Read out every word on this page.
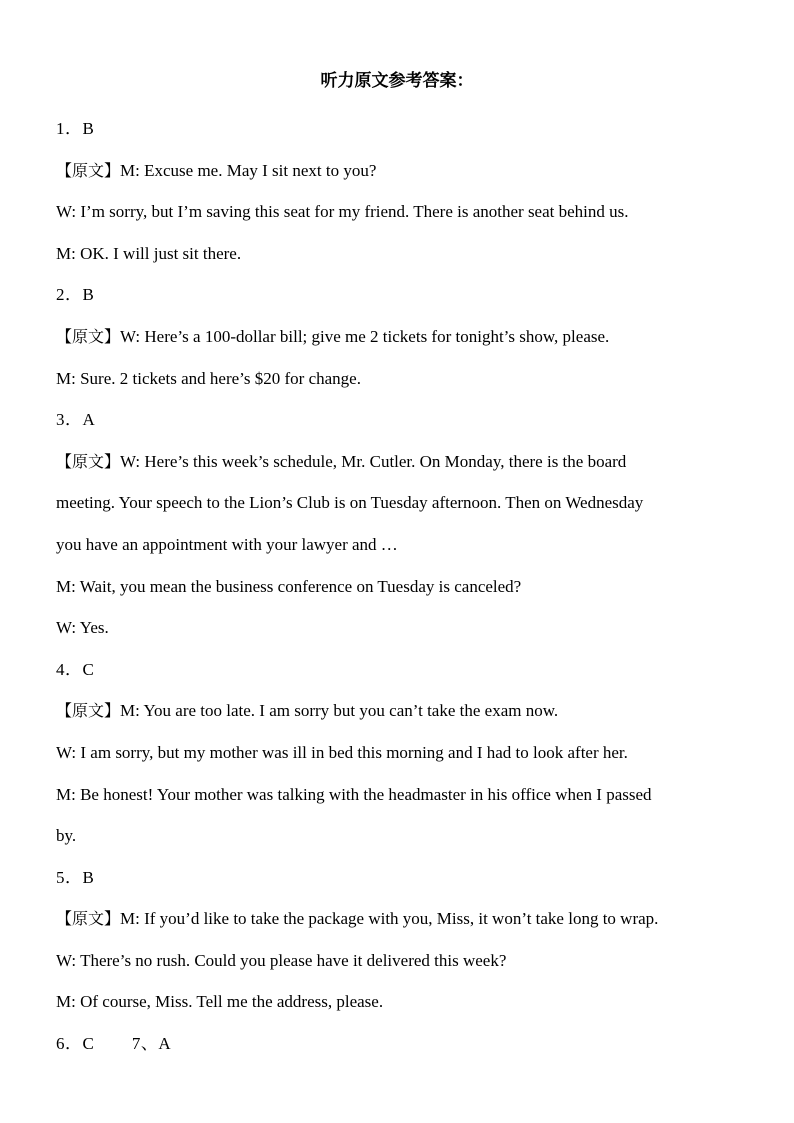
听力原文参考答案：

1．B

【原文】M: Excuse me. May I sit next to you?

W: I’m sorry, but I’m saving this seat for my friend. There is another seat behind us.

M: OK. I will just sit there.

2．B

【原文】W: Here’s a 100-dollar bill; give me 2 tickets for tonight’s show, please.

M: Sure. 2 tickets and here’s $20 for change.

3．A

【原文】W: Here’s this week’s schedule, Mr. Cutler. On Monday, there is the board

meeting. Your speech to the Lion’s Club is on Tuesday afternoon. Then on Wednesday

you have an appointment with your lawyer and …

M: Wait, you mean the business conference on Tuesday is canceled?

W: Yes.

4．C

【原文】M: You are too late. I am sorry but you can’t take the exam now.

W: I am sorry, but my mother was ill in bed this morning and I had to look after her.

M: Be honest! Your mother was talking with the headmaster in his office when I passed

by.

5．B

【原文】M: If you’d like to take the package with you, Miss, it won’t take long to wrap.

W: There’s no rush. Could you please have it delivered this week?

M: Of course, Miss. Tell me the address, please.

6．C 7、A
